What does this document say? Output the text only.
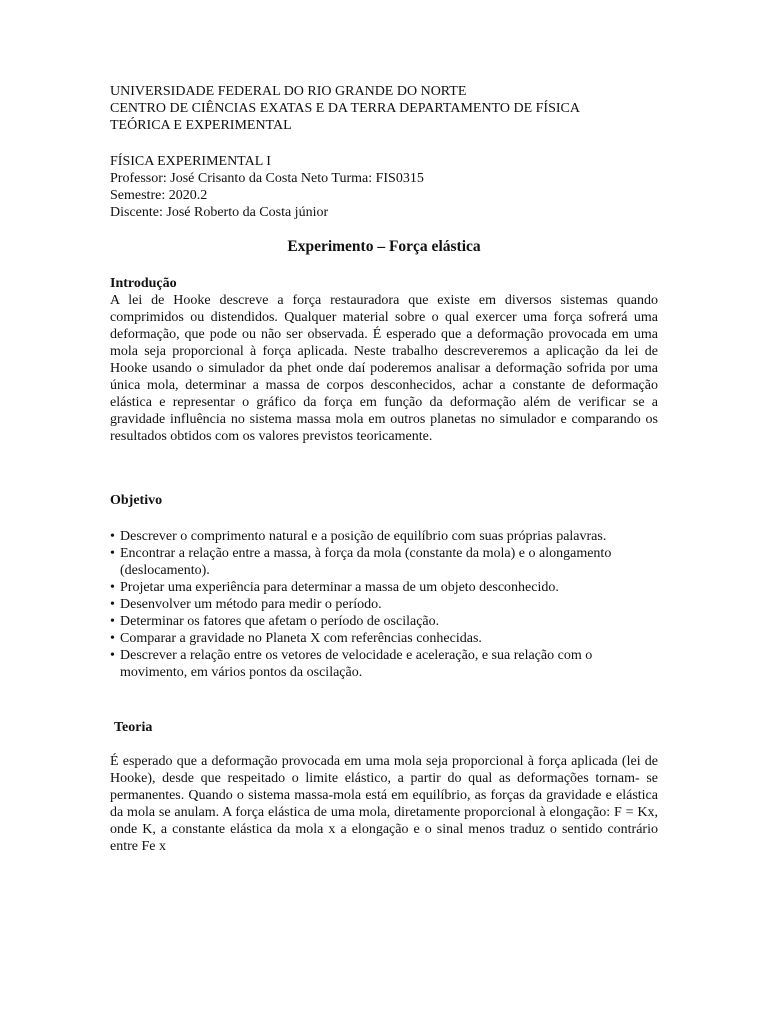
UNIVERSIDADE FEDERAL DO RIO GRANDE DO NORTE
CENTRO DE CIÊNCIAS EXATAS E DA TERRA DEPARTAMENTO DE FÍSICA
TEÓRICA E EXPERIMENTAL
FÍSICA EXPERIMENTAL I
Professor: José Crisanto da Costa Neto Turma: FIS0315
Semestre: 2020.2
Discente: José Roberto da Costa júnior
Experimento – Força elástica
Introdução

A lei de Hooke descreve a força restauradora que existe em diversos sistemas quando comprimidos ou distendidos. Qualquer material sobre o qual exercer uma força sofrerá uma deformação, que pode ou não ser observada. É esperado que a deformação provocada em uma mola seja proporcional à força aplicada. Neste trabalho descreveremos a aplicação da lei de Hooke usando o simulador da phet onde daí poderemos analisar a deformação sofrida por uma única mola, determinar a massa de corpos desconhecidos, achar a constante de deformação elástica e representar o gráfico da força em função da deformação além de verificar se a gravidade influência no sistema massa mola em outros planetas no simulador e comparando os resultados obtidos com os valores previstos teoricamente.

Objetivo
• Descrever o comprimento natural e a posição de equilíbrio com suas próprias palavras.
• Encontrar a relação entre a massa, à força da mola (constante da mola) e o alongamento (deslocamento).
• Projetar uma experiência para determinar a massa de um objeto desconhecido.
• Desenvolver um método para medir o período.
• Determinar os fatores que afetam o período de oscilação.
• Comparar a gravidade no Planeta X com referências conhecidas.
• Descrever a relação entre os vetores de velocidade e aceleração, e sua relação com o movimento, em vários pontos da oscilação.
Teoria

É esperado que a deformação provocada em uma mola seja proporcional à força aplicada (lei de Hooke), desde que respeitado o limite elástico, a partir do qual as deformações tornam- se permanentes. Quando o sistema massa-mola está em equilíbrio, as forças da gravidade e elástica da mola se anulam. A força elástica de uma mola, diretamente proporcional à elongação: F = Kx, onde K, a constante elástica da mola x a elongação e o sinal menos traduz o sentido contrário entre Fe x
